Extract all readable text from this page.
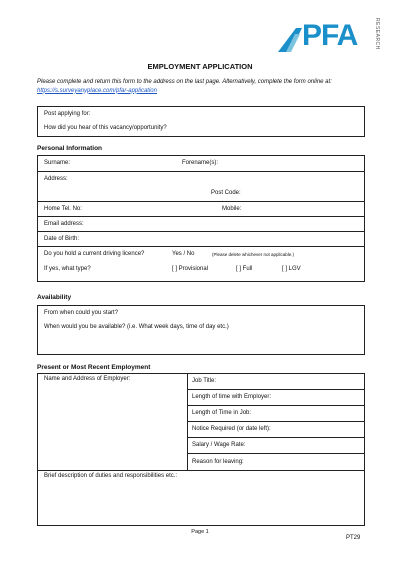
PFA	RESEARCH
EMPLOYMENT APPLICATION
Please complete and return this form to the address on the last page. Alternatively, complete the form online at: https://s.surveyanyplace.com/pfar-application
Post applying for:
How did you hear of this vacancy/opportunity?
Personal Information
Surname:	Forename(s):
Address:
Post Code:
Home Tel. No:	Mobile:
Email address:
Date of Birth:
Do you hold a current driving licence?	Yes / No	(Please delete whichever not applicable.)
If yes, what type?	[ ] Provisional	[ ] Full	[ ] LGV
Availability
From when could you start?
When would you be available? (i.e. What week days, time of day etc.)
Present or Most Recent Employment
Name and Address of Employer:	Job Title:
Length of time with Employer:
Length of Time in Job:
Notice Required (or date left):
Salary / Wage Rate:
Reason for leaving:
Brief description of duties and responsibilities etc.:
Page 1
PT29
